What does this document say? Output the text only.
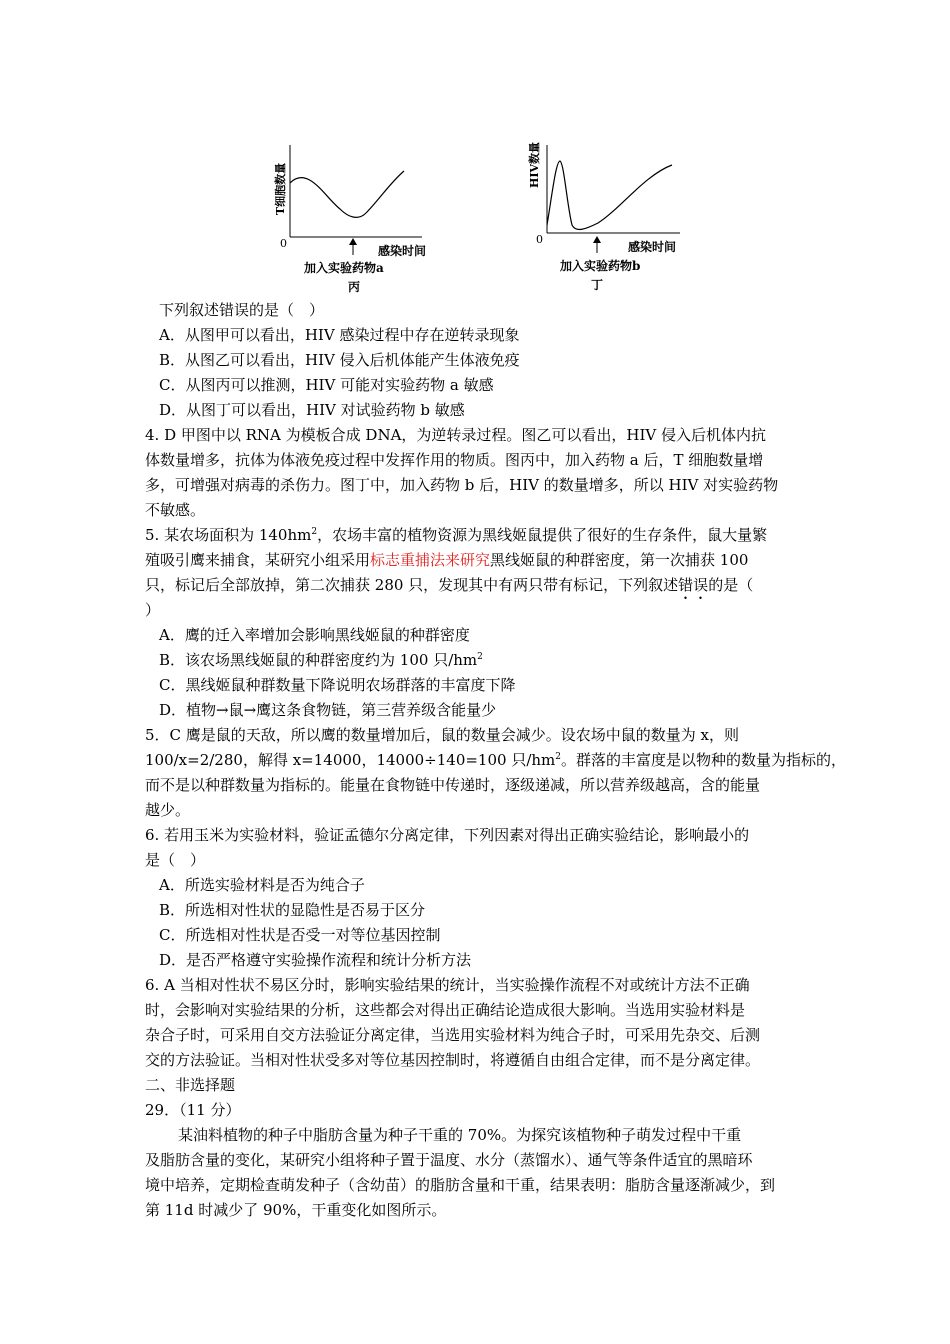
T细胞数量
0
感染时间
加入实验药物a
丙
HIV数量
0
感染时间
加入实验药物b
丁
下列叙述错误的是（　）
A．从图甲可以看出，HIV 感染过程中存在逆转录现象
B．从图乙可以看出，HIV 侵入后机体能产生体液免疫
C．从图丙可以推测，HIV 可能对实验药物 a 敏感
D．从图丁可以看出，HIV 对试验药物 b 敏感
4. D 甲图中以 RNA 为模板合成 DNA，为逆转录过程。图乙可以看出，HIV 侵入后机体内抗
体数量增多，抗体为体液免疫过程中发挥作用的物质。图丙中，加入药物 a 后，T 细胞数量增
多，可增强对病毒的杀伤力。图丁中，加入药物 b 后，HIV 的数量增多，所以 HIV 对实验药物
不敏感。
5. 某农场面积为 $140hm^2$，农场丰富的植物资源为黑线姬鼠提供了很好的生存条件，鼠大量繁
殖吸引鹰来捕食，某研究小组采用标志重捕法来研究黑线姬鼠的种群密度，第一次捕获 100
只，标记后全部放掉，第二次捕获 280 只，发现其中有两只带有标记，下列叙述错误的是（
）
A．鹰的迁入率增加会影响黑线姬鼠的种群密度
B．该农场黑线姬鼠的种群密度约为 100 只$/hm^2$
C．黑线姬鼠种群数量下降说明农场群落的丰富度下降
D．植物→鼠→鹰这条食物链，第三营养级含能量少
5．C 鹰是鼠的天敌，所以鹰的数量增加后，鼠的数量会减少。设农场中鼠的数量为 x，则
100/x=2/280，解得 x=14000，14000÷140=100 只$/hm^2$。群落的丰富度是以物种的数量为指标的，
而不是以种群数量为指标的。能量在食物链中传递时，逐级递减，所以营养级越高，含的能量
越少。
6. 若用玉米为实验材料，验证孟德尔分离定律，下列因素对得出正确实验结论，影响最小的
是（　）
A．所选实验材料是否为纯合子
B．所选相对性状的显隐性是否易于区分
C．所选相对性状是否受一对等位基因控制
D．是否严格遵守实验操作流程和统计分析方法
6. A 当相对性状不易区分时，影响实验结果的统计，当实验操作流程不对或统计方法不正确
时，会影响对实验结果的分析，这些都会对得出正确结论造成很大影响。当选用实验材料是
杂合子时，可采用自交方法验证分离定律，当选用实验材料为纯合子时，可采用先杂交、后测
交的方法验证。当相对性状受多对等位基因控制时，将遵循自由组合定律，而不是分离定律。
二、非选择题
29．（11 分）
某油料植物的种子中脂肪含量为种子干重的 70%。为探究该植物种子萌发过程中干重
及脂肪含量的变化，某研究小组将种子置于温度、水分（蒸馏水）、通气等条件适宜的黑暗环
境中培养，定期检查萌发种子（含幼苗）的脂肪含量和干重，结果表明：脂肪含量逐渐减少，到
第 11d 时减少了 90%，干重变化如图所示。
